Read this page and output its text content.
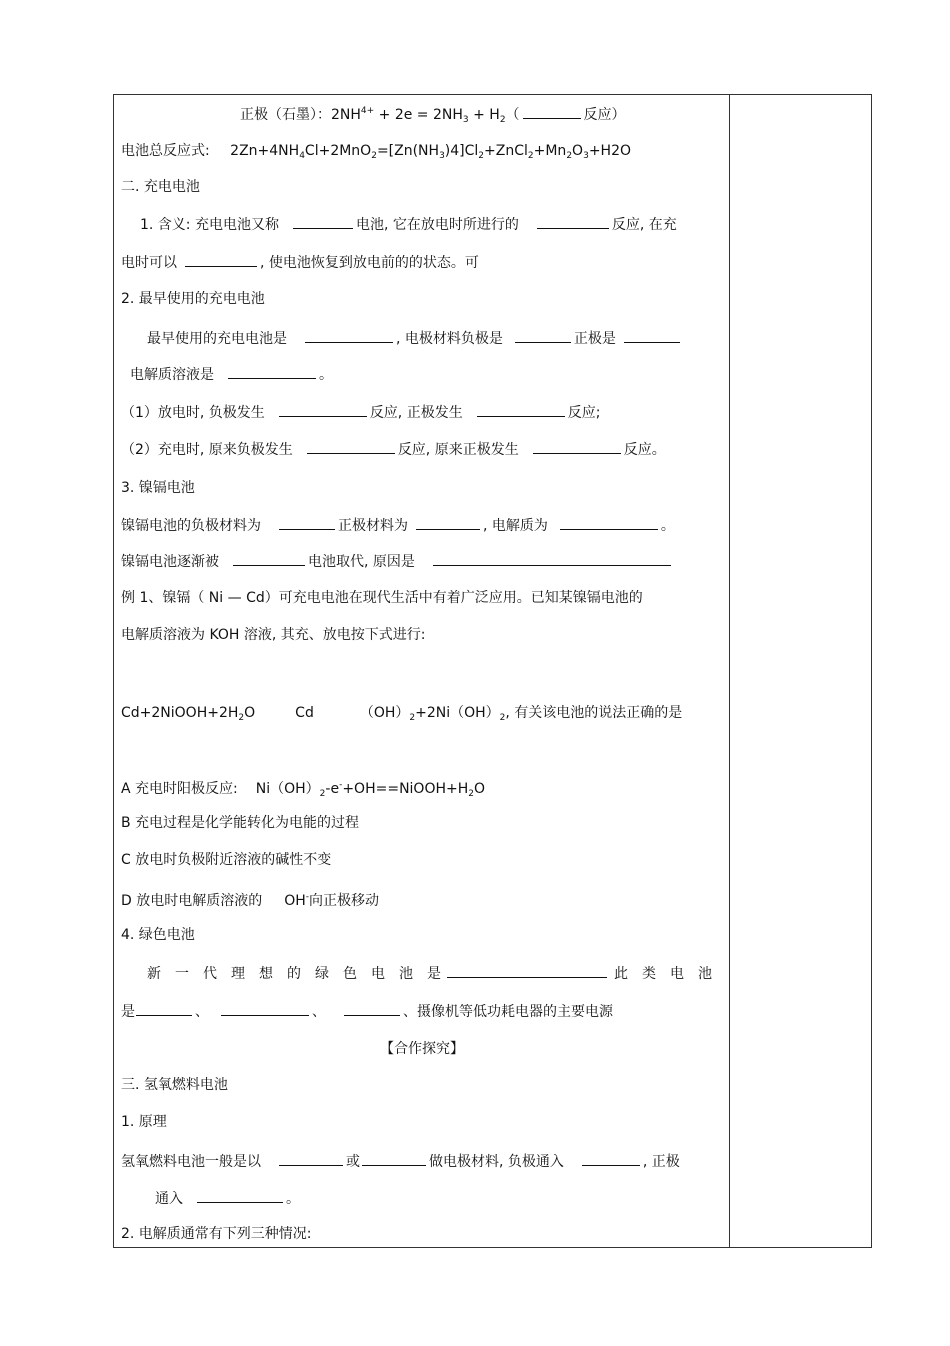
正极（石墨）：$2NH^{4+} + 2e = 2NH_3 + H_2$（	反应）
电池总反应式: $2Zn+4NH_4Cl+2MnO_2=[Zn(NH_3)4]Cl_2+ZnCl_2+Mn_2O_3+H2O$
二. 充电电池
1. 含义: 充电电池又称	电池, 它在放电时所进行的	反应, 在充
电时可以	, 使电池恢复到放电前的的状态。可
2. 最早使用的充电电池
最早使用的充电电池是	, 电极材料负极是	正极是
电解质溶液是	。
（1）放电时, 负极发生	反应, 正极发生	反应;
（2）充电时, 原来负极发生	反应, 原来正极发生	反应。
3. 镍镉电池
镍镉电池的负极材料为	正极材料为	, 电解质为	。
镍镉电池逐渐被	电池取代, 原因是
例 1、镍镉（ Ni — Cd）可充电电池在现代生活中有着广泛应用。已知某镍镉电池的
电解质溶液为 KOH 溶液, 其充、放电按下式进行:
$Cd+2NiOOH+2H_2O$	Cd	$(OH)_2+2Ni(OH)_2$, 有关该电池的说法正确的是
A 充电时阳极反应: $Ni(OH)_2-e^-+OH==NiOOH+H_2O$
B 充电过程是化学能转化为电能的过程
C 放电时负极附近溶液的碱性不变
D 放电时电解质溶液的 OH-向正极移动
4. 绿色电池
新一代理想的绿色电池是	此类电池
是	、	、	、摄像机等低功耗电器的主要电源
【合作探究】
三. 氢氧燃料电池
1. 原理
氢氧燃料电池一般是以	或	做电极材料, 负极通入	, 正极
通入	。
2. 电解质通常有下列三种情况:
